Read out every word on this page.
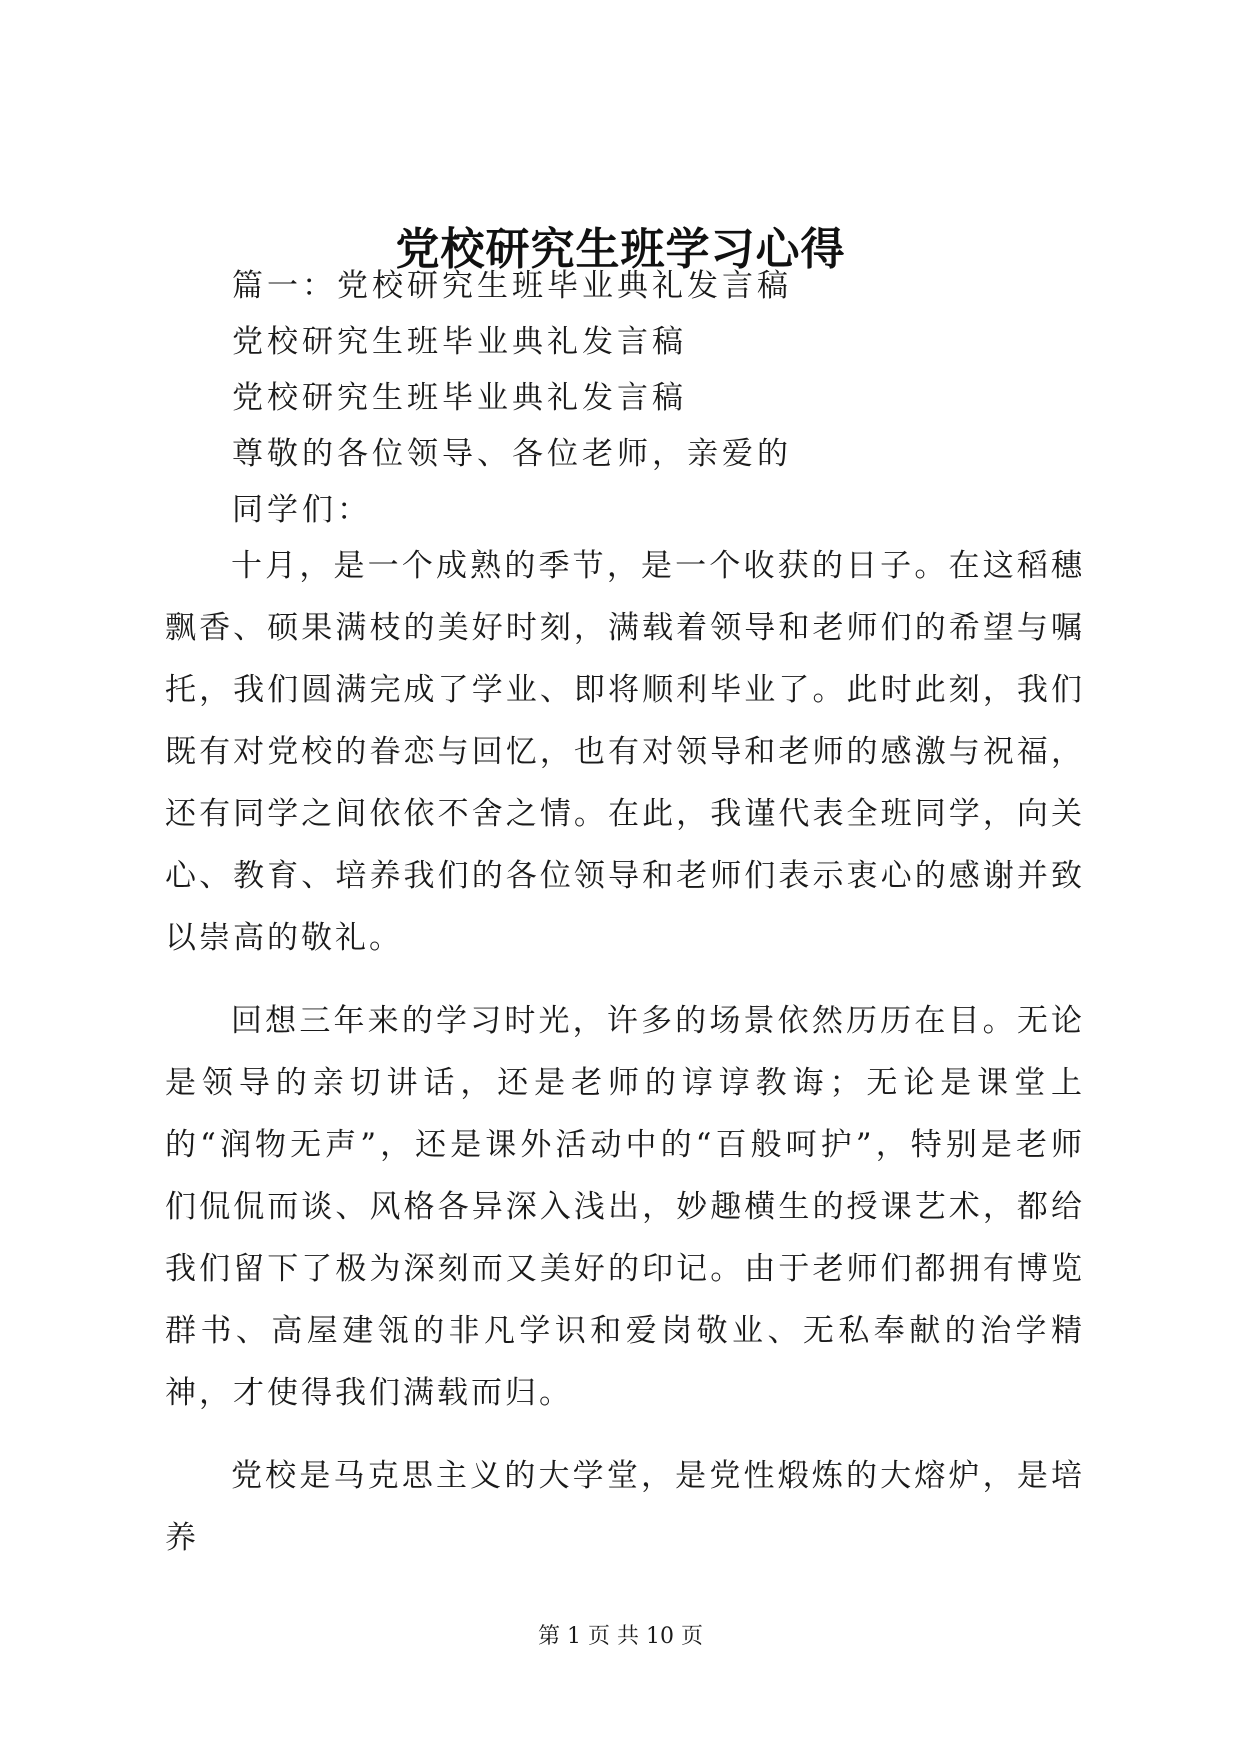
党校研究生班学习心得
篇一：党校研究生班毕业典礼发言稿
党校研究生班毕业典礼发言稿
党校研究生班毕业典礼发言稿
尊敬的各位领导、各位老师，亲爱的
同学们：

十月，是一个成熟的季节，是一个收获的日子。在这稻穗飘香、硕果满枝的美好时刻，满载着领导和老师们的希望与嘱托，我们圆满完成了学业、即将顺利毕业了。此时此刻，我们既有对党校的眷恋与回忆，也有对领导和老师的感激与祝福，还有同学之间依依不舍之情。在此，我谨代表全班同学，向关心、教育、培养我们的各位领导和老师们表示衷心的感谢并致以崇高的敬礼。

回想三年来的学习时光，许多的场景依然历历在目。无论是领导的亲切讲话，还是老师的谆谆教诲；无论是课堂上的“润物无声”，还是课外活动中的“百般呵护”，特别是老师们侃侃而谈、风格各异深入浅出，妙趣横生的授课艺术，都给我们留下了极为深刻而又美好的印记。由于老师们都拥有博览群书、高屋建瓴的非凡学识和爱岗敬业、无私奉献的治学精神，才使得我们满载而归。

党校是马克思主义的大学堂，是党性煅炼的大熔炉，是培养

第 1 页 共 10 页
